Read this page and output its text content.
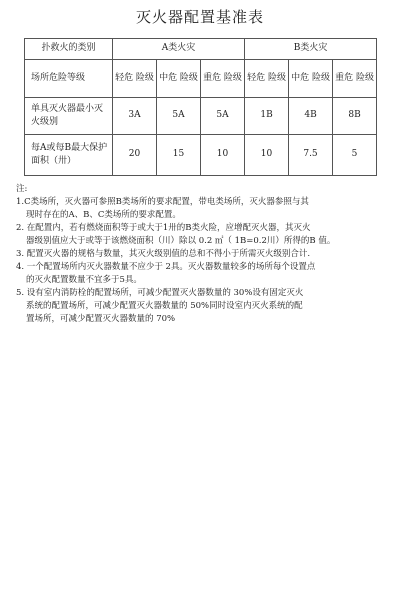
灭火器配置基准表
扑救火的类别	A类火灾			B类火灾		
场所危险等级	轻危 险级	中危 险级	重危 险级	轻危 险级	中危 险级	重危 险级
单具灭火器最小灭火级别	3A	5A	5A	1B	4B	8B
每A或每B最大保护面积（卅）	20	15	10	10	7.5	5

注:

1.C类场所，灭火器可参照B类场所的要求配置，带电类场所，灭火器参照与其

现时存在的A、B、C类场所的要求配置。

2. 在配置内，若有燃烧面积等于或大于1卅的B类火险，应增配灭火器，其灭火

器级别值应大于或等于该燃烧面积（川）除以 0.2 ㎡（ 1B=0.2川）所得的B 值。

3. 配置灭火器的规格与数量，其灭火级别值的总和不得小于所需灭火级别合计.

4. 一个配置场所内灭火器数量不应少于 2具。灭火器数量较多的场所每个设置点

的灭火配置数量不宜多于5具。

5. 设有室内消防栓的配置场所，可减少配置灭火器数量的 30%设有固定灭火

系统的配置场所，可减少配置灭火器数量的 50%同时设室内灭火系统的配

置场所，可减少配置灭火器数量的 70%
